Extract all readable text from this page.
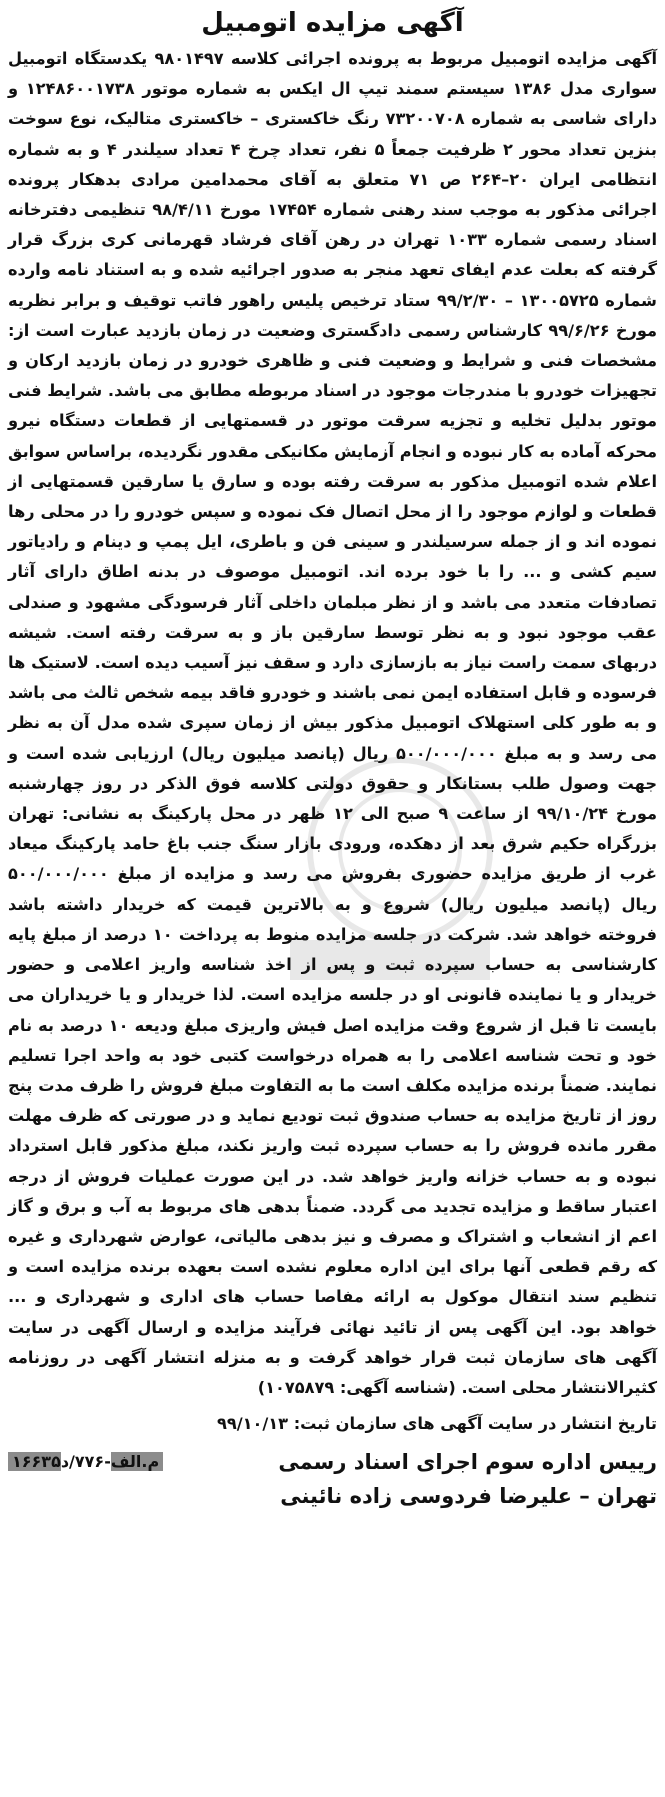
آگهی مزایده اتومبیل

آگهی مزایده اتومبیل مربوط به پرونده اجرائی کلاسه ۹۸۰۱۴۹۷ یکدستگاه اتومبیل سواری مدل ۱۳۸۶ سیستم سمند تیپ ال ایکس به شماره موتور ۱۲۴۸۶۰۰۱۷۳۸ و دارای شاسی به شماره ۷۳۲۰۰۷۰۸ رنگ خاکستری – خاکستری متالیک، نوع سوخت بنزین تعداد محور ۲ ظرفیت جمعاً ۵ نفر، تعداد چرخ ۴ تعداد سیلندر ۴ و به شماره انتظامی ایران ۲۰–۲۶۴ ص ۷۱ متعلق به آقای محمدامین مرادی بدهکار پرونده اجرائی مذکور به موجب سند رهنی شماره ۱۷۴۵۴ مورخ ۹۸/۴/۱۱ تنظیمی دفترخانه اسناد رسمی شماره ۱۰۳۳ تهران در رهن آقای فرشاد قهرمانی کری بزرگ قرار گرفته که بعلت عدم ایفای تعهد منجر به صدور اجرائیه شده و به استناد نامه وارده شماره ۱۳۰۰۵۷۲۵ – ۹۹/۲/۳۰ ستاد ترخیص پلیس راهور فاتب توقیف و برابر نظریه مورخ ۹۹/۶/۲۶ کارشناس رسمی دادگستری وضعیت در زمان بازدید عبارت است از: مشخصات فنی و شرایط و وضعیت فنی و ظاهری خودرو در زمان بازدید ارکان و تجهیزات خودرو با مندرجات موجود در اسناد مربوطه مطابق می باشد. شرایط فنی موتور بدلیل تخلیه و تجزیه سرقت موتور در قسمتهایی از قطعات دستگاه نیرو محرکه آماده به کار نبوده و انجام آزمایش مکانیکی مقدور نگردیده، براساس سوابق اعلام شده اتومبیل مذکور به سرقت رفته بوده و سارق یا سارقین قسمتهایی از قطعات و لوازم موجود را از محل اتصال فک نموده و سپس خودرو را در محلی رها نموده اند و از جمله سرسیلندر و سینی فن و باطری، ایل پمپ و دینام و رادیاتور سیم کشی و ... را با خود برده اند. اتومبیل موصوف در بدنه اطاق دارای آثار تصادفات متعدد می باشد و از نظر مبلمان داخلی آثار فرسودگی مشهود و صندلی عقب موجود نبود و به نظر توسط سارقین باز و به سرقت رفته است. شیشه دربهای سمت راست نیاز به بازسازی دارد و سقف نیز آسیب دیده است. لاستیک ها فرسوده و قابل استفاده ایمن نمی باشند و خودرو فاقد بیمه شخص ثالث می باشد و به طور کلی استهلاک اتومبیل مذکور بیش از زمان سپری شده مدل آن به نظر می رسد و به مبلغ ۵۰۰/۰۰۰/۰۰۰ ریال (پانصد میلیون ریال) ارزیابی شده است و جهت وصول طلب بستانکار و حقوق دولتی کلاسه فوق الذکر در روز چهارشنبه مورخ ۹۹/۱۰/۲۴ از ساعت ۹ صبح الی ۱۲ ظهر در محل پارکینگ به نشانی: تهران بزرگراه حکیم شرق بعد از دهکده، ورودی بازار سنگ جنب باغ حامد پارکینگ میعاد غرب از طریق مزایده حضوری بفروش می رسد و مزایده از مبلغ ۵۰۰/۰۰۰/۰۰۰ ریال (پانصد میلیون ریال) شروع و به بالاترین قیمت که خریدار داشته باشد فروخته خواهد شد. شرکت در جلسه مزایده منوط به پرداخت ۱۰ درصد از مبلغ پایه کارشناسی به حساب سپرده ثبت و پس از اخذ شناسه واریز اعلامی و حضور خریدار و یا نماینده قانونی او در جلسه مزایده است. لذا خریدار و یا خریداران می بایست تا قبل از شروع وقت مزایده اصل فیش واریزی مبلغ ودیعه ۱۰ درصد به نام خود و تحت شناسه اعلامی را به همراه درخواست کتبی خود به واحد اجرا تسلیم نمایند. ضمناً برنده مزایده مکلف است ما به التفاوت مبلغ فروش را ظرف مدت پنج روز از تاریخ مزایده به حساب صندوق ثبت تودیع نماید و در صورتی که ظرف مهلت مقرر مانده فروش را به حساب سپرده ثبت واریز نکند، مبلغ مذکور قابل استرداد نبوده و به حساب خزانه واریز خواهد شد. در این صورت عملیات فروش از درجه اعتبار ساقط و مزایده تجدید می گردد. ضمناً بدهی های مربوط به آب و برق و گاز اعم از انشعاب و اشتراک و مصرف و نیز بدهی مالیاتی، عوارض شهرداری و غیره که رقم قطعی آنها برای این اداره معلوم نشده است بعهده برنده مزایده است و تنظیم سند انتقال موکول به ارائه مفاصا حساب های اداری و شهرداری و ... خواهد بود. این آگهی پس از تائید نهائی فرآیند مزایده و ارسال آگهی در سایت آگهی های سازمان ثبت قرار خواهد گرفت و به منزله انتشار آگهی در روزنامه کثیرالانتشار محلی است. (شناسه آگهی: ۱۰۷۵۸۷۹)

تاریخ انتشار در سایت آگهی های سازمان ثبت: ۹۹/۱۰/۱۳
رییس اداره سوم اجرای اسناد رسمی
تهران – علیرضا فردوسی زاده نائینی
۱۶۶۳۵م.الف-۷۷۶/د
